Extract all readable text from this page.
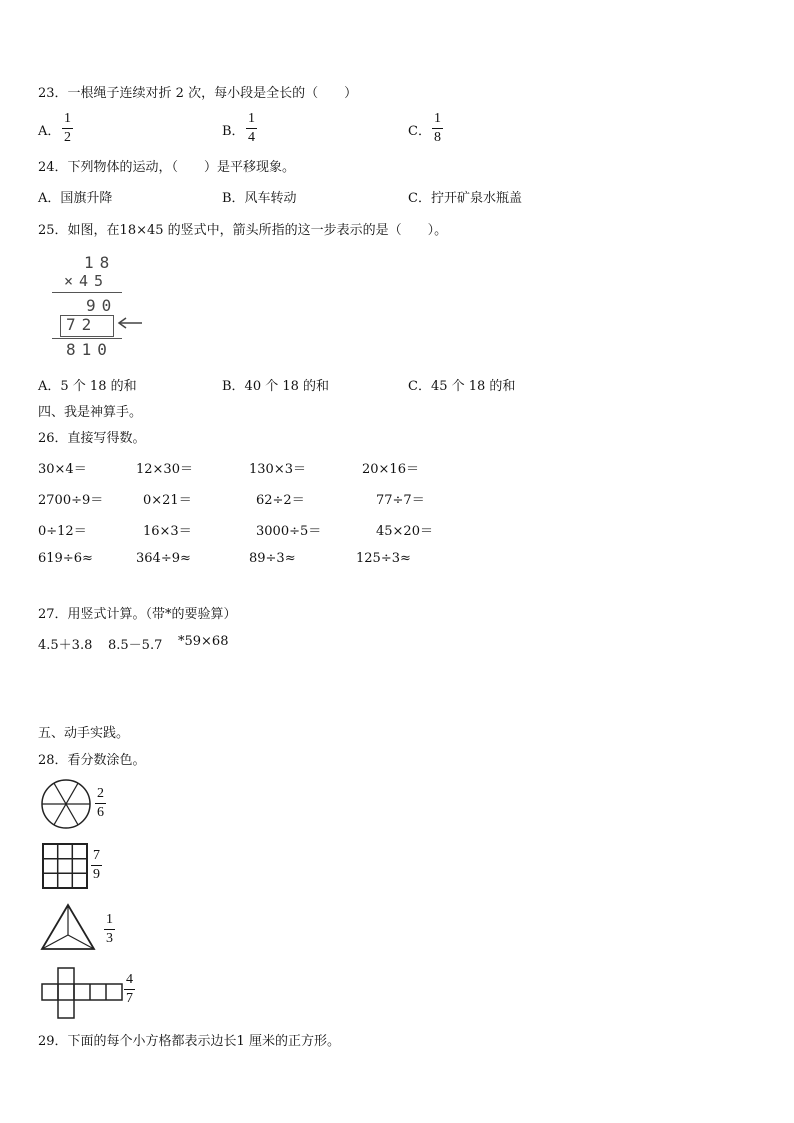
23．一根绳子连续对折 2 次，每小段是全长的（　　）
A．
1
2	B．
1
4	C．
1
8
24．下列物体的运动，（　　）是平移现象。
A．国旗升降	B．风车转动	C．拧开矿泉水瓶盖
25．如图，在18×45 的竖式中，箭头所指的这一步表示的是（　　）。
18
×45
90
72
810
A．5 个 18 的和	B．40 个 18 的和	C．45 个 18 的和
四、我是神算手。
26．直接写得数。
30×4＝	12×30＝	130×3＝	20×16＝
2700÷9＝	0×21＝	62÷2＝	77÷7＝
0÷12＝	16×3＝	3000÷5＝	45×20＝
619÷6≈	364÷9≈	89÷3≈	125÷3≈
27．用竖式计算。（带*的要验算）
4.5＋3.8 8.5－5.7 *59×68
五、动手实践。
28．看分数涂色。
2
6
7
9
1
3
4
7
29．下面的每个小方格都表示边长1 厘米的正方形。
